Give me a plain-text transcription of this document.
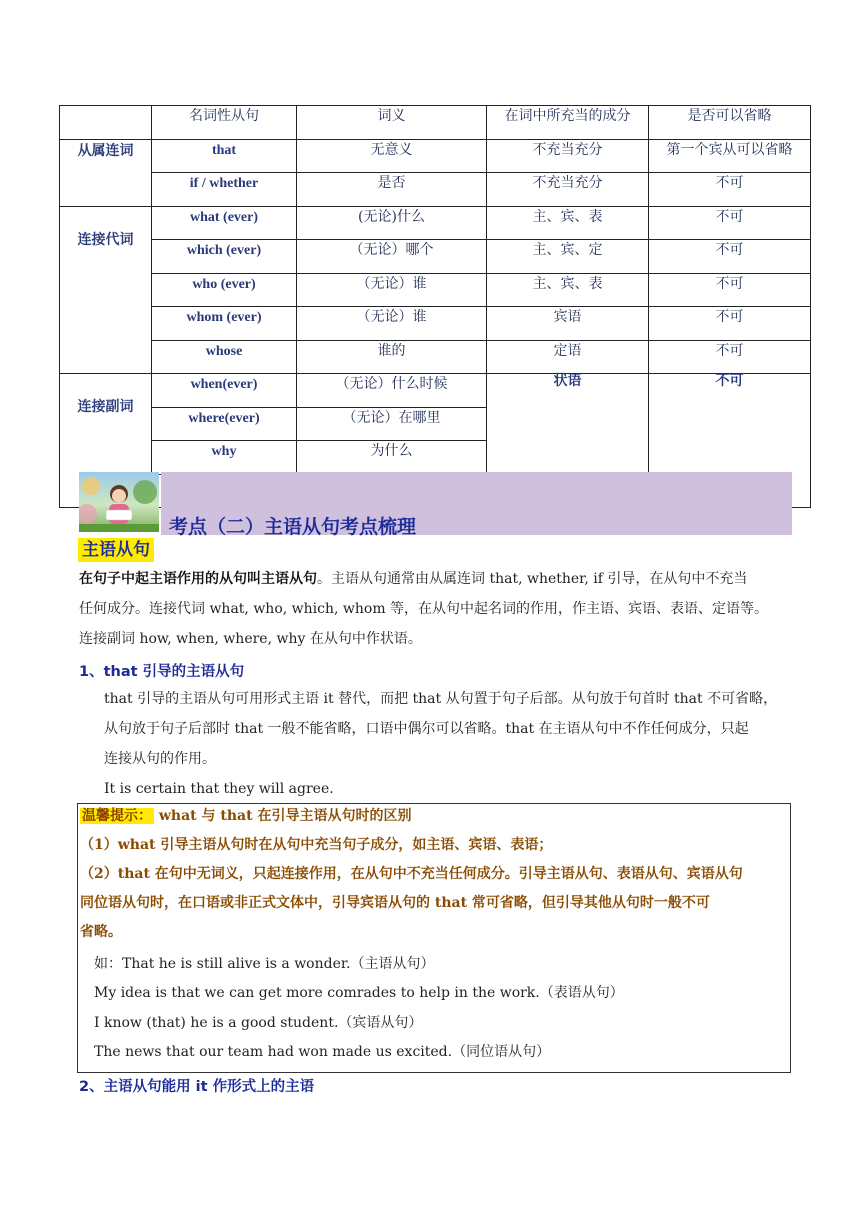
	名词性从句	词义	在词中所充当的成分	是否可以省略
从属连词	that	无意义	不充当充分	第一个宾从可以省略
	if / whether	是否	不充当充分	不可
连接代词	what (ever)	(无论)什么	主、宾、表	不可
	which (ever)	（无论）哪个	主、宾、定	不可
	who (ever)	（无论）谁	主、宾、表	不可
	whom (ever)	（无论）谁	宾语	不可
	whose	谁的	定语	不可
连接副词	when(ever)	（无论）什么时候	状语	不可
	where(ever)	（无论）在哪里		
	why	为什么		

考点（二）主语从句考点梳理
主语从句
在句子中起主语作用的从句叫主语从句。主语从句通常由从属连词 that, whether, if 引导，在从句中不充当
任何成分。连接代词 what, who, which, whom 等，在从句中起名词的作用，作主语、宾语、表语、定语等。
连接副词 how, when, where, why 在从句中作状语。
1、that 引导的主语从句
that 引导的主语从句可用形式主语 it 替代，而把 that 从句置于句子后部。从句放于句首时 that 不可省略，
从句放于句子后部时 that 一般不能省略，口语中偶尔可以省略。that 在主语从句中不作任何成分，只起
连接从句的作用。
It is certain that they will agree.
温馨提示： what 与 that 在引导主语从句时的区别
（1）what 引导主语从句时在从句中充当句子成分，如主语、宾语、表语；
（2）that 在句中无词义，只起连接作用，在从句中不充当任何成分。引导主语从句、表语从句、宾语从句
同位语从句时，在口语或非正式文体中，引导宾语从句的 that 常可省略，但引导其他从句时一般不可
省略。
如：That he is still alive is a wonder.（主语从句）
My idea is that we can get more comrades to help in the work.（表语从句）
I know (that) he is a good student.（宾语从句）
The news that our team had won made us excited.（同位语从句）
2、主语从句能用 it 作形式上的主语
